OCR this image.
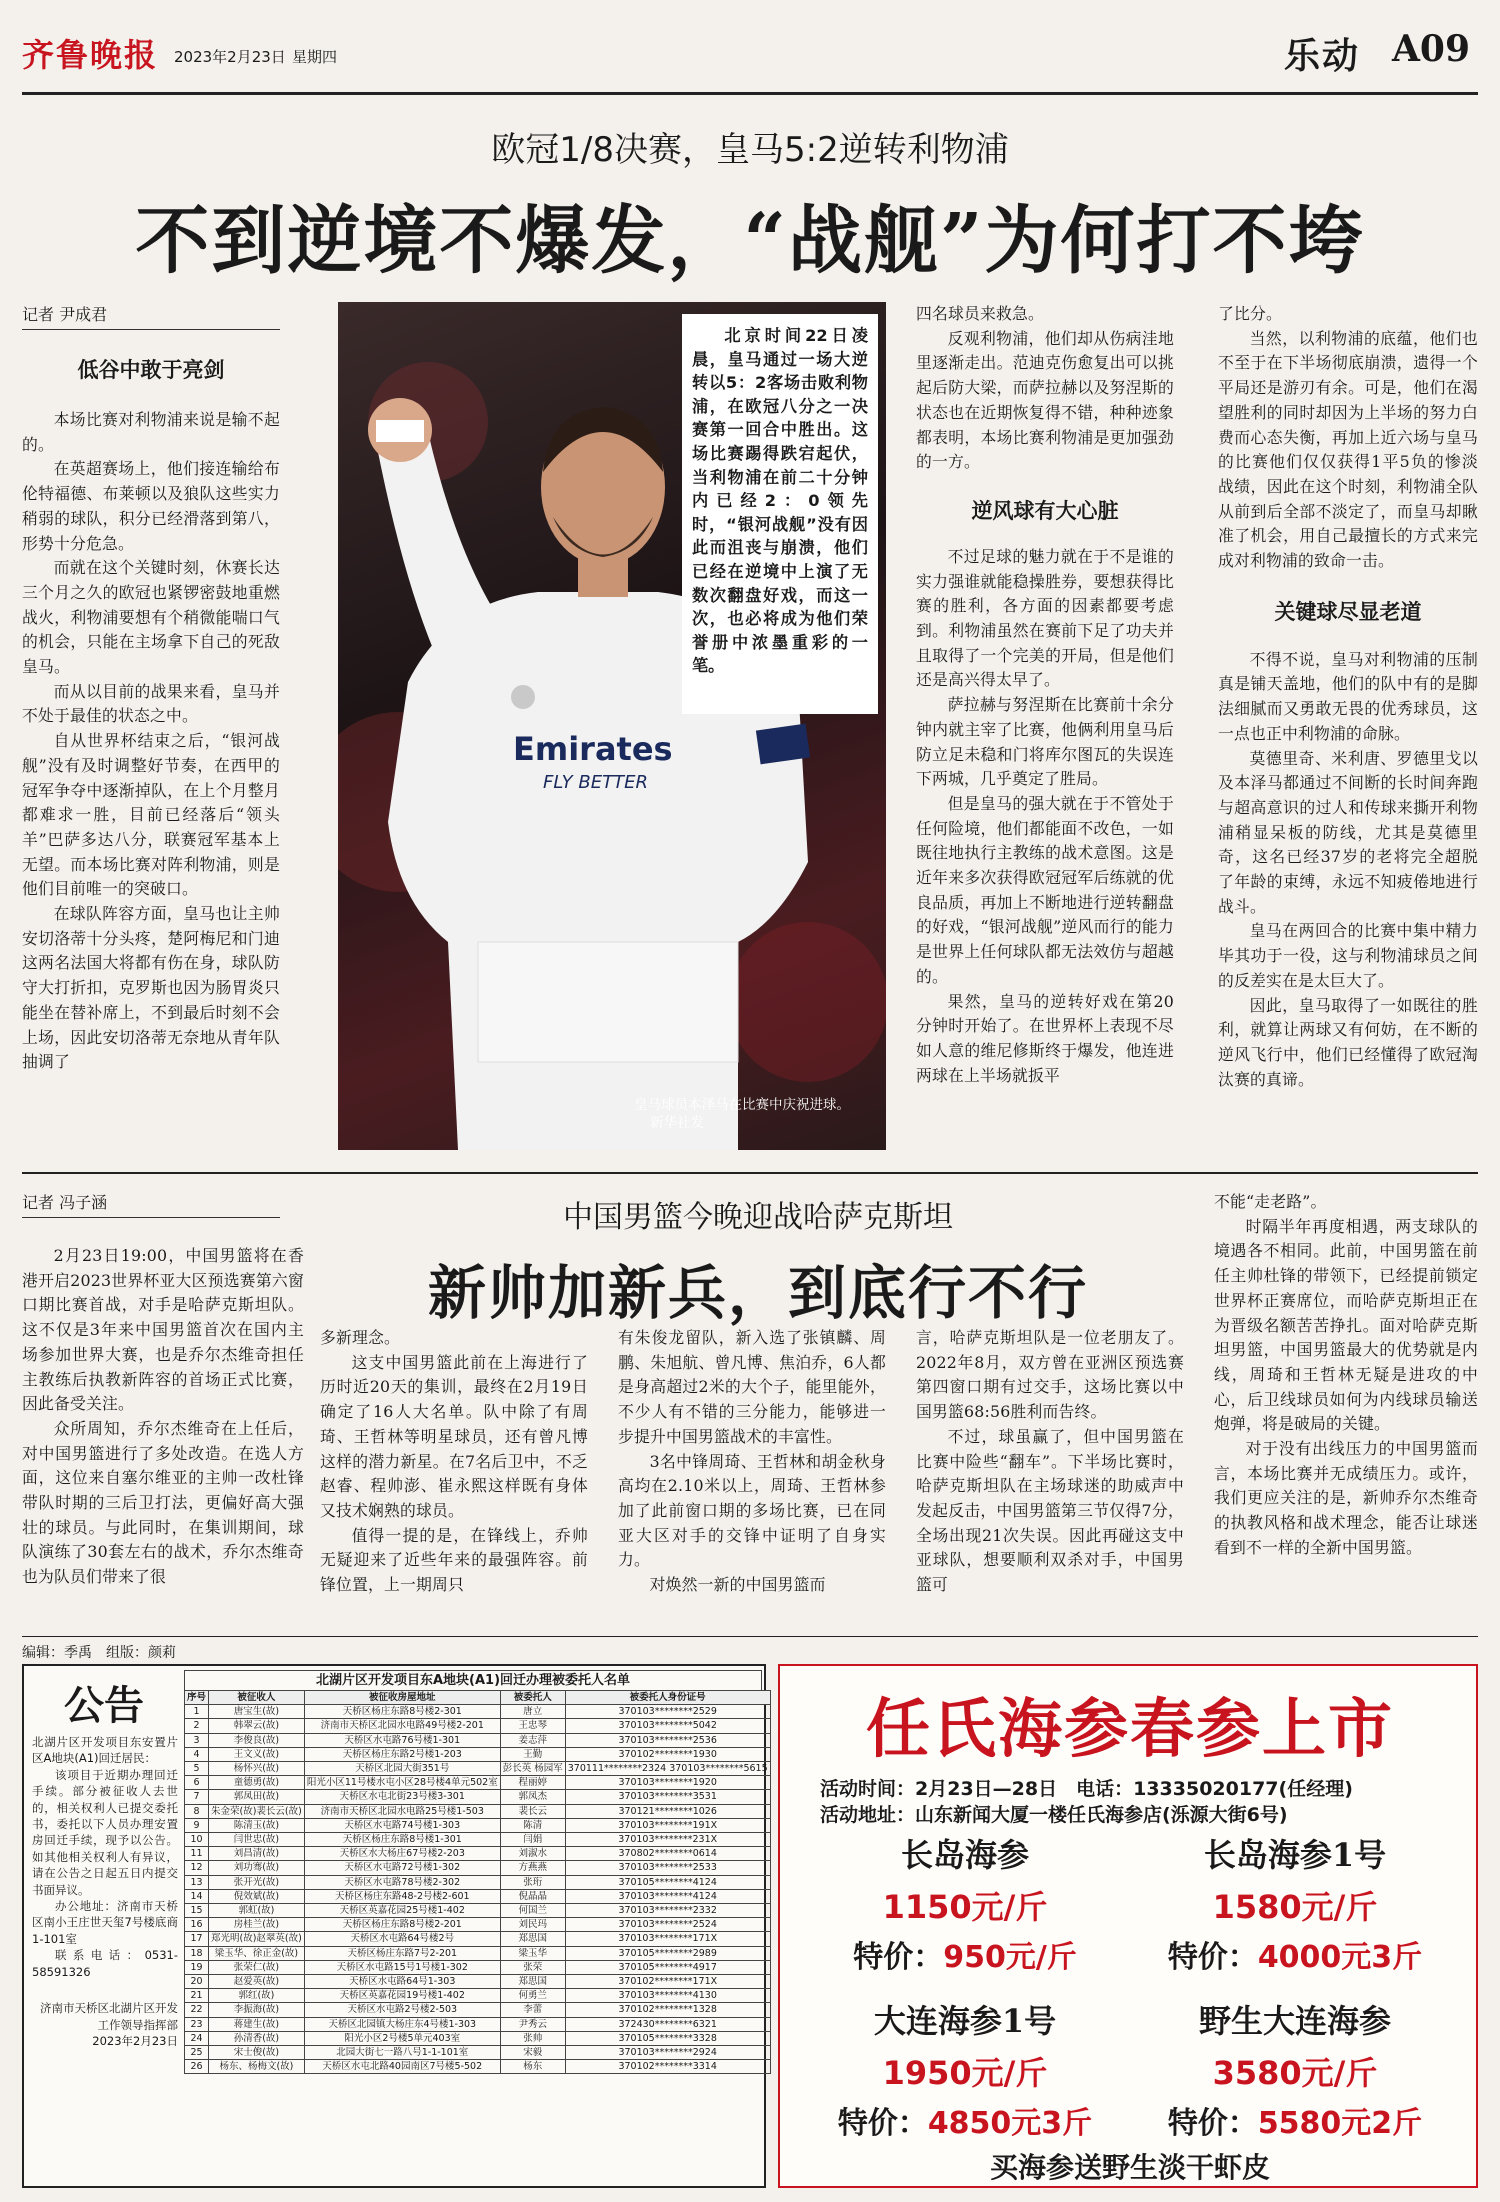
齐鲁晚报 2023年2月23日 星期四	乐动 A09
欧冠1/8决赛，皇马5:2逆转利物浦
不到逆境不爆发，“战舰”为何打不垮
记者 尹成君
低谷中敢于亮剑

本场比赛对利物浦来说是输不起的。

在英超赛场上，他们接连输给布伦特福德、布莱顿以及狼队这些实力稍弱的球队，积分已经滑落到第八，形势十分危急。

而就在这个关键时刻，休赛长达三个月之久的欧冠也紧锣密鼓地重燃战火，利物浦要想有个稍微能喘口气的机会，只能在主场拿下自己的死敌皇马。

而从以目前的战果来看，皇马并不处于最佳的状态之中。

自从世界杯结束之后，“银河战舰”没有及时调整好节奏，在西甲的冠军争夺中逐渐掉队，在上个月整月都难求一胜，目前已经落后“领头羊”巴萨多达八分，联赛冠军基本上无望。而本场比赛对阵利物浦，则是他们目前唯一的突破口。

在球队阵容方面，皇马也让主帅安切洛蒂十分头疼，楚阿梅尼和门迪这两名法国大将都有伤在身，球队防守大打折扣，克罗斯也因为肠胃炎只能坐在替补席上，不到最后时刻不会上场，因此安切洛蒂无奈地从青年队抽调了

Emirates
FLY BETTER

北京时间22日凌晨，皇马通过一场大逆转以5：2客场击败利物浦，在欧冠八分之一决赛第一回合中胜出。这场比赛踢得跌宕起伏，当利物浦在前二十分钟内已经2：0领先时，“银河战舰”没有因此而沮丧与崩溃，他们已经在逆境中上演了无数次翻盘好戏，而这一次，也必将成为他们荣誉册中浓墨重彩的一笔。

皇马球员本泽马在比赛中庆祝进球。 新华社发

四名球员来救急。

反观利物浦，他们却从伤病洼地里逐渐走出。范迪克伤愈复出可以挑起后防大梁，而萨拉赫以及努涅斯的状态也在近期恢复得不错，种种迹象都表明，本场比赛利物浦是更加强劲的一方。

逆风球有大心脏

不过足球的魅力就在于不是谁的实力强谁就能稳操胜券，要想获得比赛的胜利，各方面的因素都要考虑到。利物浦虽然在赛前下足了功夫并且取得了一个完美的开局，但是他们还是高兴得太早了。

萨拉赫与努涅斯在比赛前十余分钟内就主宰了比赛，他俩利用皇马后防立足未稳和门将库尔图瓦的失误连下两城，几乎奠定了胜局。

但是皇马的强大就在于不管处于任何险境，他们都能面不改色，一如既往地执行主教练的战术意图。这是近年来多次获得欧冠冠军后练就的优良品质，再加上不断地进行逆转翻盘的好戏，“银河战舰”逆风而行的能力是世界上任何球队都无法效仿与超越的。

果然，皇马的逆转好戏在第20分钟时开始了。在世界杯上表现不尽如人意的维尼修斯终于爆发，他连进两球在上半场就扳平

了比分。

当然，以利物浦的底蕴，他们也不至于在下半场彻底崩溃，遗得一个平局还是游刃有余。可是，他们在渴望胜利的同时却因为上半场的努力白费而心态失衡，再加上近六场与皇马的比赛他们仅仅获得1平5负的惨淡战绩，因此在这个时刻，利物浦全队从前到后全部不淡定了，而皇马却瞅准了机会，用自己最擅长的方式来完成对利物浦的致命一击。

关键球尽显老道

不得不说，皇马对利物浦的压制真是铺天盖地，他们的队中有的是脚法细腻而又勇敢无畏的优秀球员，这一点也正中利物浦的命脉。

莫德里奇、米利唐、罗德里戈以及本泽马都通过不间断的长时间奔跑与超高意识的过人和传球来撕开利物浦稍显呆板的防线，尤其是莫德里奇，这名已经37岁的老将完全超脱了年龄的束缚，永远不知疲倦地进行战斗。

皇马在两回合的比赛中集中精力毕其功于一役，这与利物浦球员之间的反差实在是太巨大了。

因此，皇马取得了一如既往的胜利，就算让两球又有何妨，在不断的逆风飞行中，他们已经懂得了欧冠淘汰赛的真谛。

记者 冯子涵

2月23日19:00，中国男篮将在香港开启2023世界杯亚大区预选赛第六窗口期比赛首战，对手是哈萨克斯坦队。这不仅是3年来中国男篮首次在国内主场参加世界大赛，也是乔尔杰维奇担任主教练后执教新阵容的首场正式比赛，因此备受关注。

众所周知，乔尔杰维奇在上任后，对中国男篮进行了多处改造。在选人方面，这位来自塞尔维亚的主帅一改杜锋带队时期的三后卫打法，更偏好高大强壮的球员。与此同时，在集训期间，球队演练了30套左右的战术，乔尔杰维奇也为队员们带来了很

中国男篮今晚迎战哈萨克斯坦
新帅加新兵，到底行不行

多新理念。

这支中国男篮此前在上海进行了历时近20天的集训，最终在2月19日确定了16人大名单。队中除了有周琦、王哲林等明星球员，还有曾凡博这样的潜力新星。在7名后卫中，不乏赵睿、程帅澎、崔永熙这样既有身体又技术娴熟的球员。

值得一提的是，在锋线上，乔帅无疑迎来了近些年来的最强阵容。前锋位置，上一期周只

有朱俊龙留队，新入选了张镇麟、周鹏、朱旭航、曾凡博、焦泊乔，6人都是身高超过2米的大个子，能里能外，不少人有不错的三分能力，能够进一步提升中国男篮战术的丰富性。

3名中锋周琦、王哲林和胡金秋身高均在2.10米以上，周琦、王哲林参加了此前窗口期的多场比赛，已在同亚大区对手的交锋中证明了自身实力。

对焕然一新的中国男篮而

言，哈萨克斯坦队是一位老朋友了。2022年8月，双方曾在亚洲区预选赛第四窗口期有过交手，这场比赛以中国男篮68:56胜利而告终。

不过，球虽赢了，但中国男篮在比赛中险些“翻车”。下半场比赛时，哈萨克斯坦队在主场球迷的助威声中发起反击，中国男篮第三节仅得7分，全场出现21次失误。因此再碰这支中亚球队，想要顺利双杀对手，中国男篮可

不能“走老路”。

时隔半年再度相遇，两支球队的境遇各不相同。此前，中国男篮在前任主帅杜锋的带领下，已经提前锁定世界杯正赛席位，而哈萨克斯坦正在为晋级名额苦苦挣扎。面对哈萨克斯坦男篮，中国男篮最大的优势就是内线，周琦和王哲林无疑是进攻的中心，后卫线球员如何为内线球员输送炮弹，将是破局的关键。

对于没有出线压力的中国男篮而言，本场比赛并无成绩压力。或许，我们更应关注的是，新帅乔尔杰维奇的执教风格和战术理念，能否让球迷看到不一样的全新中国男篮。

编辑：季禹　组版：颜莉
公告

北湖片区开发项目东安置片区A地块(A1)回迁居民：

该项目于近期办理回迁手续。部分被征收人去世的，相关权利人已提交委托书，委托以下人员办理安置房回迁手续，现予以公告。如其他相关权利人有异议，请在公告之日起五日内提交书面异议。

办公地址：济南市天桥区南小王庄世天玺7号楼底商1-101室

联系电话：0531-58591326

济南市天桥区北湖片区开发工作领导指挥部

2023年2月23日

北湖片区开发项目东A地块(A1)回迁办理被委托人名单
序号	被征收人	被征收房屋地址	被委托人	被委托人身份证号
1	唐宝生(故)	天桥区杨庄东路8号楼2-301	唐立	370103********2529
2	韩翠云(故)	济南市天桥区北园水电路49号楼2-201	王忠琴	370103********5042
3	李俊良(故)	天桥区水屯路76号楼1-301	姜志萍	370103********2536
4	王文义(故)	天桥区杨庄东路2号楼1-203	王勤	370102********1930
5	杨怀兴(故)	天桥区北园大街351号	彭长英 杨园军	370111********2324 370103********5615
6	童德勇(故)	阳光小区11号楼水屯小区28号楼4单元502室	程丽婷	370103********1920
7	郭凤田(故)	天桥区水屯北街23号楼3-301	郭凤杰	370103********3531
8	朱金荣(故)裴长云(故)	济南市天桥区北园水电路25号楼1-503	裴长云	370121********1026
9	陈清玉(故)	天桥区水屯路74号楼1-303	陈清	370103********191X
10	闫世忠(故)	天桥区杨庄东路8号楼1-301	闫娟	370103********231X
11	刘昌清(故)	天桥区水大杨庄67号楼2-203	刘淑水	370802********0614
12	刘功骞(故)	天桥区水屯路72号楼1-302	方燕燕	370103********2533
13	张开光(故)	天桥区水屯路78号楼2-302	张珩	370105********4124
14	倪效斌(故)	天桥区杨庄东路48-2号楼2-601	倪晶晶	370103********4124
15	郭虹(故)	天桥区英嘉花园25号楼1-402	何国兰	370103********2332
16	房桂兰(故)	天桥区杨庄东路8号楼2-201	刘民玛	370103********2524
17	郑光明(故)赵翠英(故)	天桥区水屯路64号楼2号	郑思国	370103********171X
18	梁玉华、徐正金(故)	天桥区杨庄东路7号2-201	梁玉华	370105********2989
19	张荣仁(故)	天桥区水屯路15号1号楼1-302	张荣	370105********4917
20	赵爱英(故)	天桥区水屯路64号1-303	郑思国	370102********171X
21	郭红(故)	天桥区英嘉花园19号楼1-402	何勇兰	370103********4130
22	李振海(故)	天桥区水屯路2号楼2-503	李蕾	370102********1328
23	蒋建生(故)	天桥区北园镇大杨庄东4号楼1-303	尹秀云	372430********6321
24	孙清香(故)	阳光小区2号楼5单元403室	张帅	370105********3328
25	宋士俊(故)	北园大街七一路八号1-1-101室	宋毅	370103********2924
26	杨东、杨梅文(故)	天桥区水屯北路40园南区7号楼5-502	杨东	370102********3314
任氏海参春参上市
活动时间：2月23日—28日　电话：13335020177(任经理)
活动地址：山东新闻大厦一楼任氏海参店(泺源大街6号)
长岛海参
1150元/斤
特价：950元/斤
长岛海参1号
1580元/斤
特价：4000元3斤
大连海参1号
1950元/斤
特价：4850元3斤
野生大连海参
3580元/斤
特价：5580元2斤
买海参送野生淡干虾皮
